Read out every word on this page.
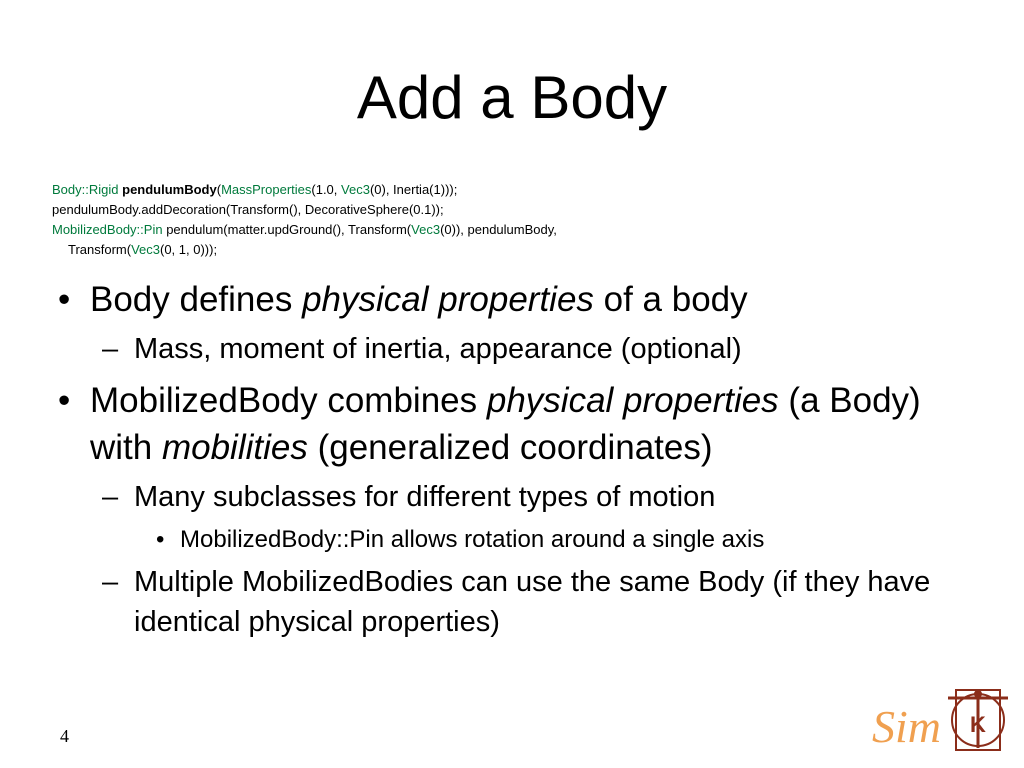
Add a Body
Body::Rigid pendulumBody(MassProperties(1.0, Vec3(0), Inertia(1)));
pendulumBody.addDecoration(Transform(), DecorativeSphere(0.1));
MobilizedBody::Pin pendulum(matter.updGround(), Transform(Vec3(0)), pendulumBody,
Transform(Vec3(0, 1, 0)));
• Body defines physical properties of a body
– Mass, moment of inertia, appearance (optional)
• MobilizedBody combines physical properties (a Body) with mobilities (generalized coordinates)
– Many subclasses for different types of motion
• MobilizedBody::Pin allows rotation around a single axis
– Multiple MobilizedBodies can use the same Body (if they have identical physical properties)
4	Sim K
